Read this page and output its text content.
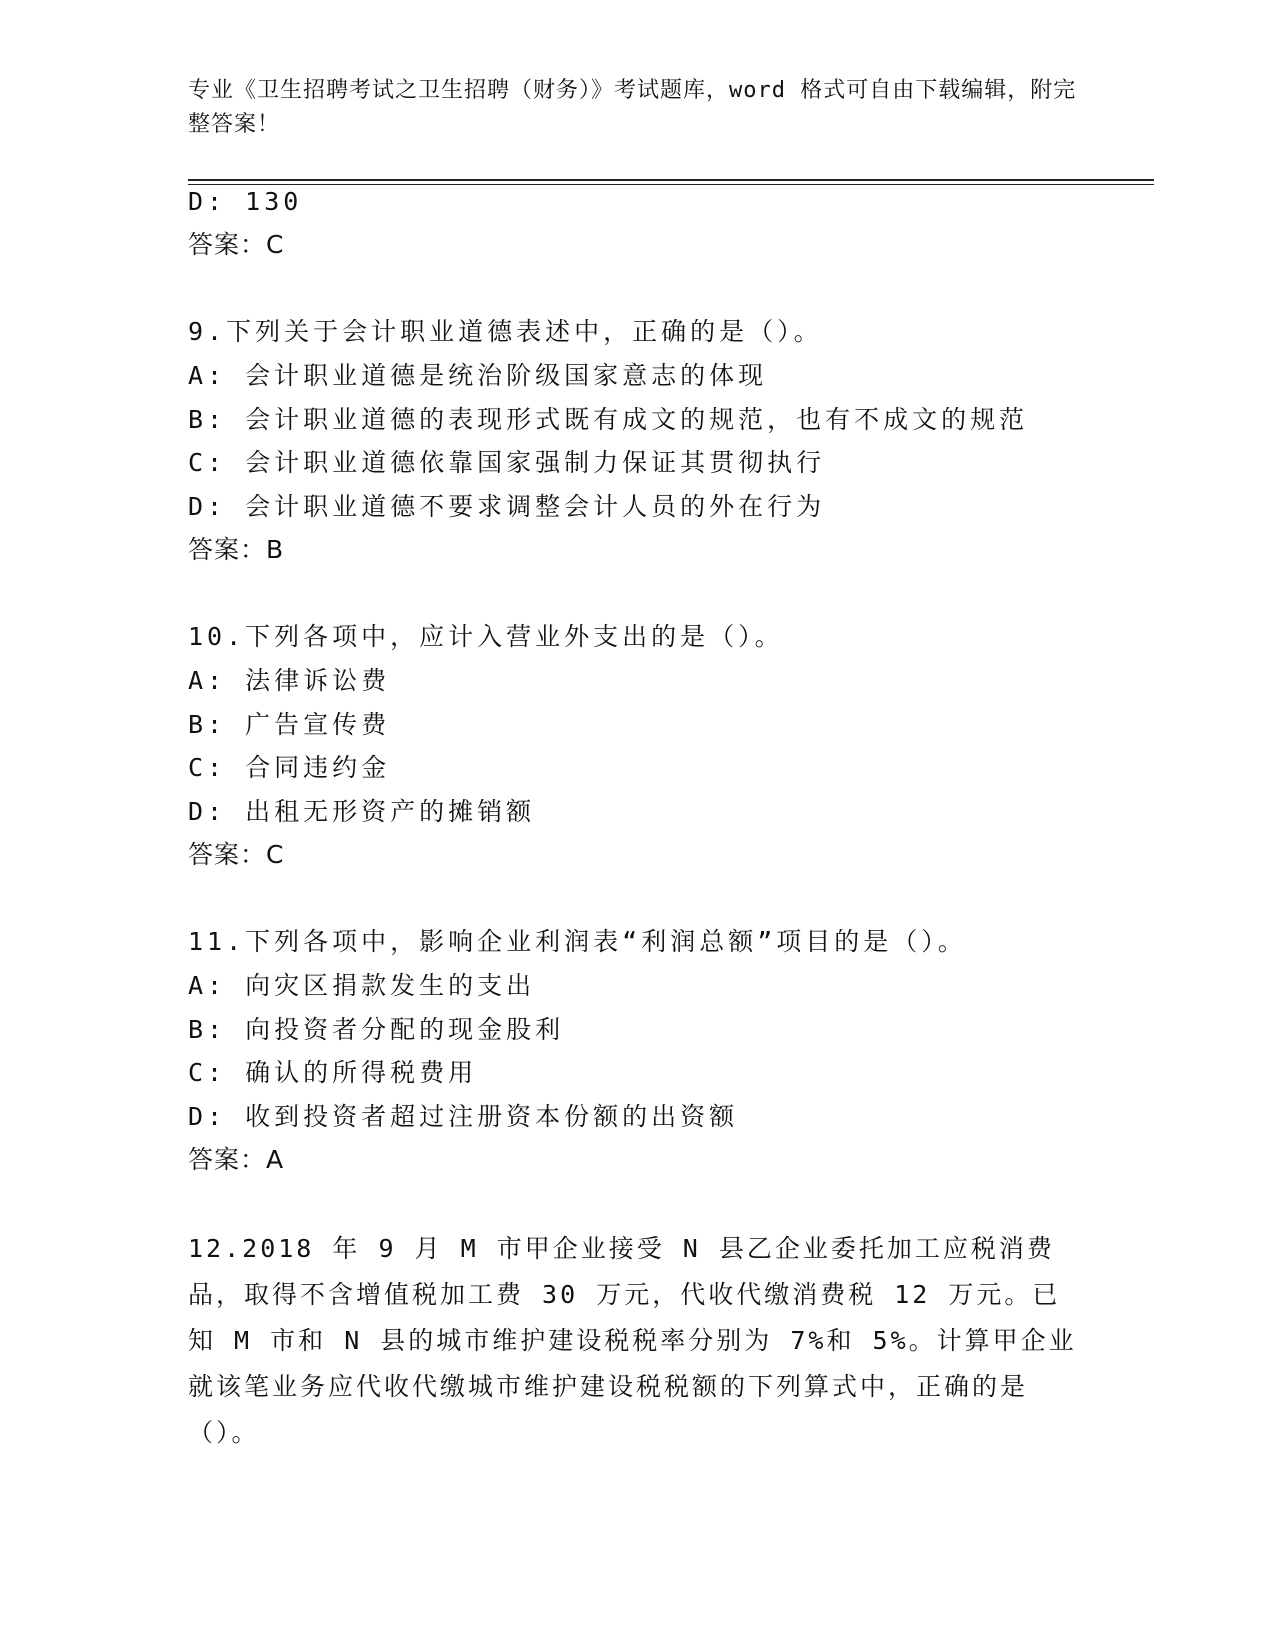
专业《卫生招聘考试之卫生招聘（财务）》考试题库，word 格式可自由下载编辑，附完整答案！
D: 130
答案：C
9.下列关于会计职业道德表述中，正确的是（）。
A: 会计职业道德是统治阶级国家意志的体现
B: 会计职业道德的表现形式既有成文的规范，也有不成文的规范
C: 会计职业道德依靠国家强制力保证其贯彻执行
D: 会计职业道德不要求调整会计人员的外在行为
答案：B
10.下列各项中，应计入营业外支出的是（）。
A: 法律诉讼费
B: 广告宣传费
C: 合同违约金
D: 出租无形资产的摊销额
答案：C
11.下列各项中，影响企业利润表“利润总额”项目的是（）。
A: 向灾区捐款发生的支出
B: 向投资者分配的现金股利
C: 确认的所得税费用
D: 收到投资者超过注册资本份额的出资额
答案：A
12.2018 年 9 月 M 市甲企业接受 N 县乙企业委托加工应税消费品，取得不含增值税加工费 30 万元，代收代缴消费税 12 万元。已知 M 市和 N 县的城市维护建设税税率分别为 7%和 5%。计算甲企业就该笔业务应代收代缴城市维护建设税税额的下列算式中，正确的是（）。
